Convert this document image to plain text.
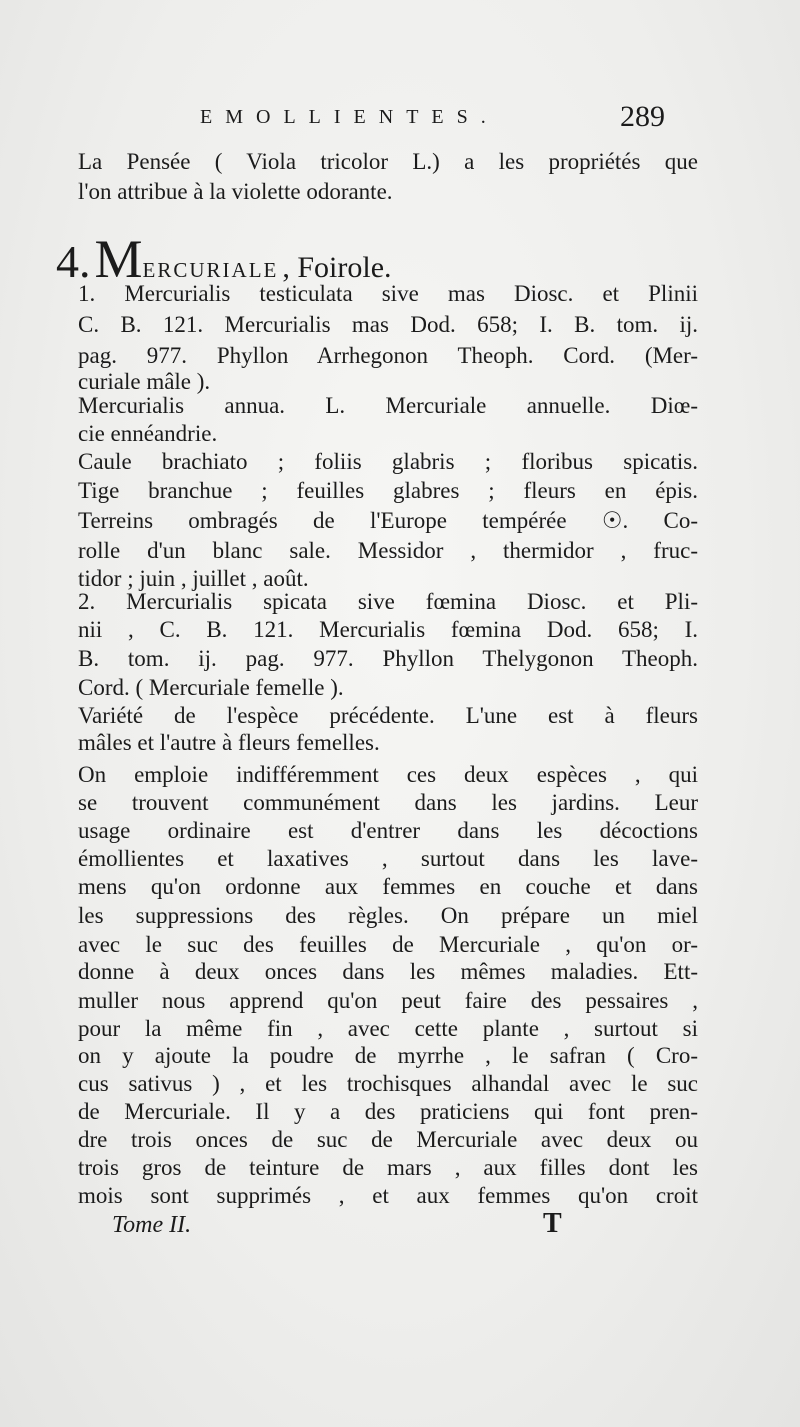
EMOLLIENTES.	289
La Pensée ( Viola tricolor L.) a les propriétés que
l'on attribue à la violette odorante.
4. MERCURIALE , Foirole.
1. Mercurialis testiculata sive mas Diosc. et Plinii
C. B. 121. Mercurialis mas Dod. 658; I. B. tom. ij.
pag. 977. Phyllon Arrhegonon Theoph. Cord. (Mer-
curiale mâle ).
Mercurialis annua. L. Mercuriale annuelle. Diœ-
cie ennéandrie.
Caule brachiato ; foliis glabris ; floribus spicatis.
Tige branchue ; feuilles glabres ; fleurs en épis.
Terreins ombragés de l'Europe tempérée ☉. Co-
rolle d'un blanc sale. Messidor , thermidor , fruc-
tidor ; juin , juillet , août.
2. Mercurialis spicata sive fœmina Diosc. et Pli-
nii , C. B. 121. Mercurialis fœmina Dod. 658; I.
B. tom. ij. pag. 977. Phyllon Thelygonon Theoph.
Cord. ( Mercuriale femelle ).
Variété de l'espèce précédente. L'une est à fleurs
mâles et l'autre à fleurs femelles.
On emploie indifféremment ces deux espèces , qui
se trouvent communément dans les jardins. Leur
usage ordinaire est d'entrer dans les décoctions
émollientes et laxatives , surtout dans les lave-
mens qu'on ordonne aux femmes en couche et dans
les suppressions des règles. On prépare un miel
avec le suc des feuilles de Mercuriale , qu'on or-
donne à deux onces dans les mêmes maladies. Ett-
muller nous apprend qu'on peut faire des pessaires ,
pour la même fin , avec cette plante , surtout si
on y ajoute la poudre de myrrhe , le safran ( Cro-
cus sativus ) , et les trochisques alhandal avec le suc
de Mercuriale. Il y a des praticiens qui font pren-
dre trois onces de suc de Mercuriale avec deux ou
trois gros de teinture de mars , aux filles dont les
mois sont supprimés , et aux femmes qu'on croit
Tome II.	T
